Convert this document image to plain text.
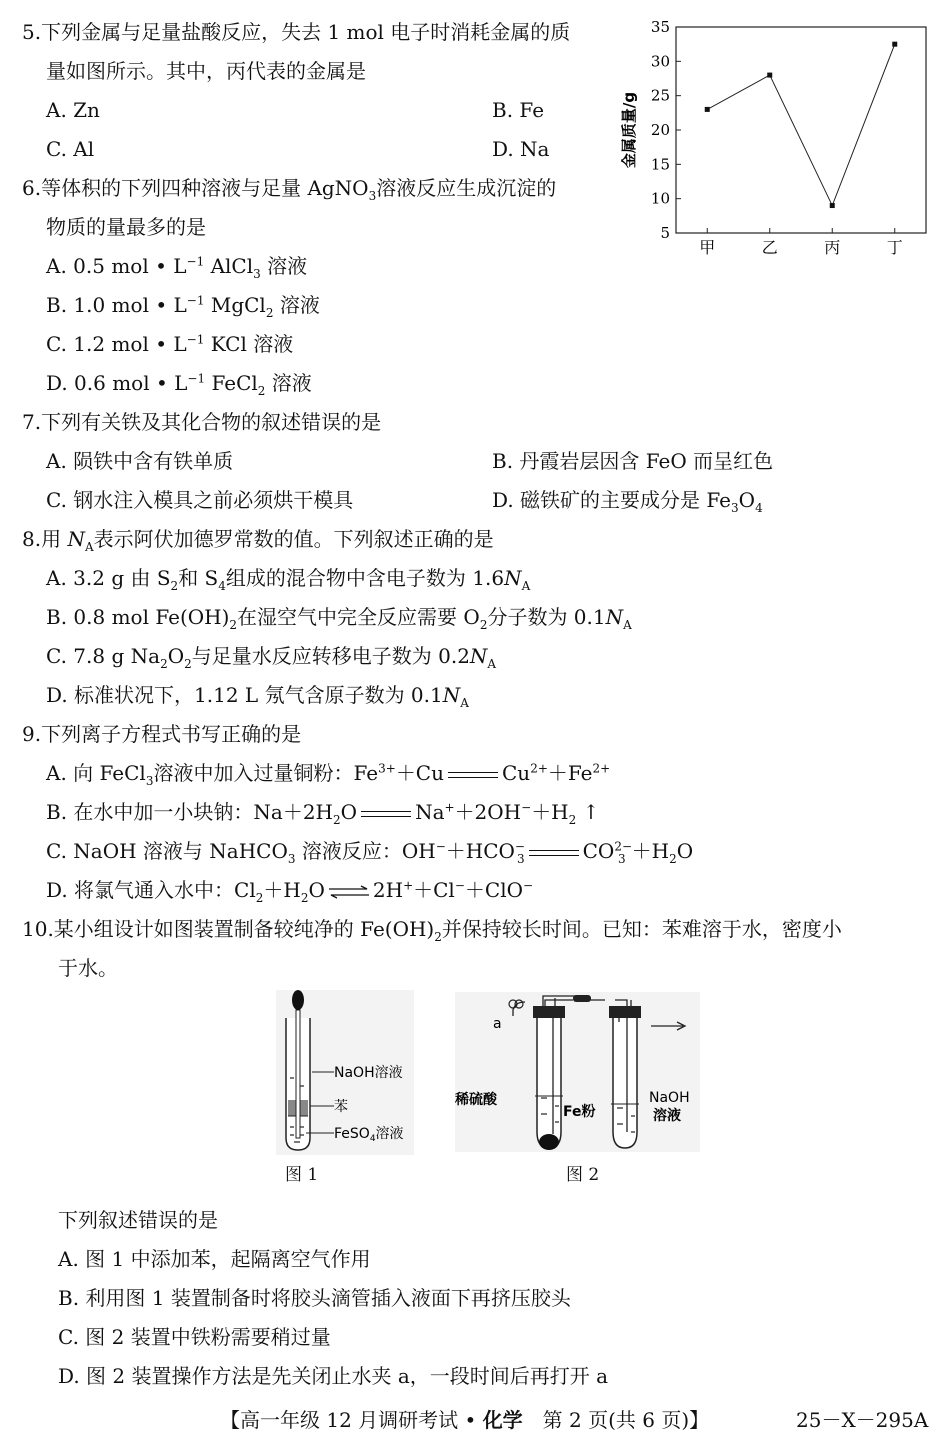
5.下列金属与足量盐酸反应，失去 1 mol 电子时消耗金属的质
量如图所示。其中，丙代表的金属是
A. Zn	B. Fe
C. Al	D. Na	金属质量/g
5
10
15
20
25
30
35
甲	乙	丙	丁
6.等体积的下列四种溶液与足量 AgNO$_3$溶液反应生成沉淀的
物质的量最多的是
A. 0.5 mol • $L^{-1}$ AlCl$_3$ 溶液
B. 1.0 mol • $L^{-1}$ MgCl$_2$ 溶液
C. 1.2 mol • $L^{-1}$ KCl 溶液
D. 0.6 mol • $L^{-1}$ FeCl$_2$ 溶液
7.下列有关铁及其化合物的叙述错误的是
A. 陨铁中含有铁单质	B. 丹霞岩层因含 FeO 而呈红色
C. 钢水注入模具之前必须烘干模具	D. 磁铁矿的主要成分是 $Fe_3O_4$
8.用 $N_A$表示阿伏加德罗常数的值。下列叙述正确的是
A. 3.2 g 由 $S_2$和 $S_4$组成的混合物中含电子数为 $1.6N_A$
B. 0.8 mol $Fe(OH)_2$在湿空气中完全反应需要 $O_2$分子数为 $0.1N_A$
C. 7.8 g $Na_2O_2$与足量水反应转移电子数为 $0.2N_A$
D. 标准状况下，1.12 L 氖气含原子数为 $0.1N_A$
9.下列离子方程式书写正确的是
A. 向 FeCl$_3$溶液中加入过量铜粉：$Fe^{3+}+Cu$	$Cu^{2+}+Fe^{2+}$
B. 在水中加一小块钠：$Na+2H_2O$	$Na^++2OH^-+H_2$ ↑
C. NaOH 溶液与 NaHCO$_3$ 溶液反应：$OH^-+HCO^-_3$	$CO^{2-}_3 +H_2O$
D. 将氯气通入水中：$Cl_2+H_2O$ ⇌ 2H+＋Cl−＋ClO−
10.某小组设计如图装置制备较纯净的 $Fe(OH)_2$并保持较长时间。已知：苯难溶于水，密度小
于水。
NaOH溶液
苯
FeSO$_4$溶液
图 1
a
稀硫酸
Fe粉
NaOH
溶液
图 2
下列叙述错误的是
A. 图 1 中添加苯，起隔离空气作用
B. 利用图 1 装置制备时将胶头滴管插入液面下再挤压胶头
C. 图 2 装置中铁粉需要稍过量
D. 图 2 装置操作方法是先关闭止水夹 a，一段时间后再打开 a
【高一年级 12 月调研考试 • 化学　第 2 页(共 6 页)】	25－X－295A
